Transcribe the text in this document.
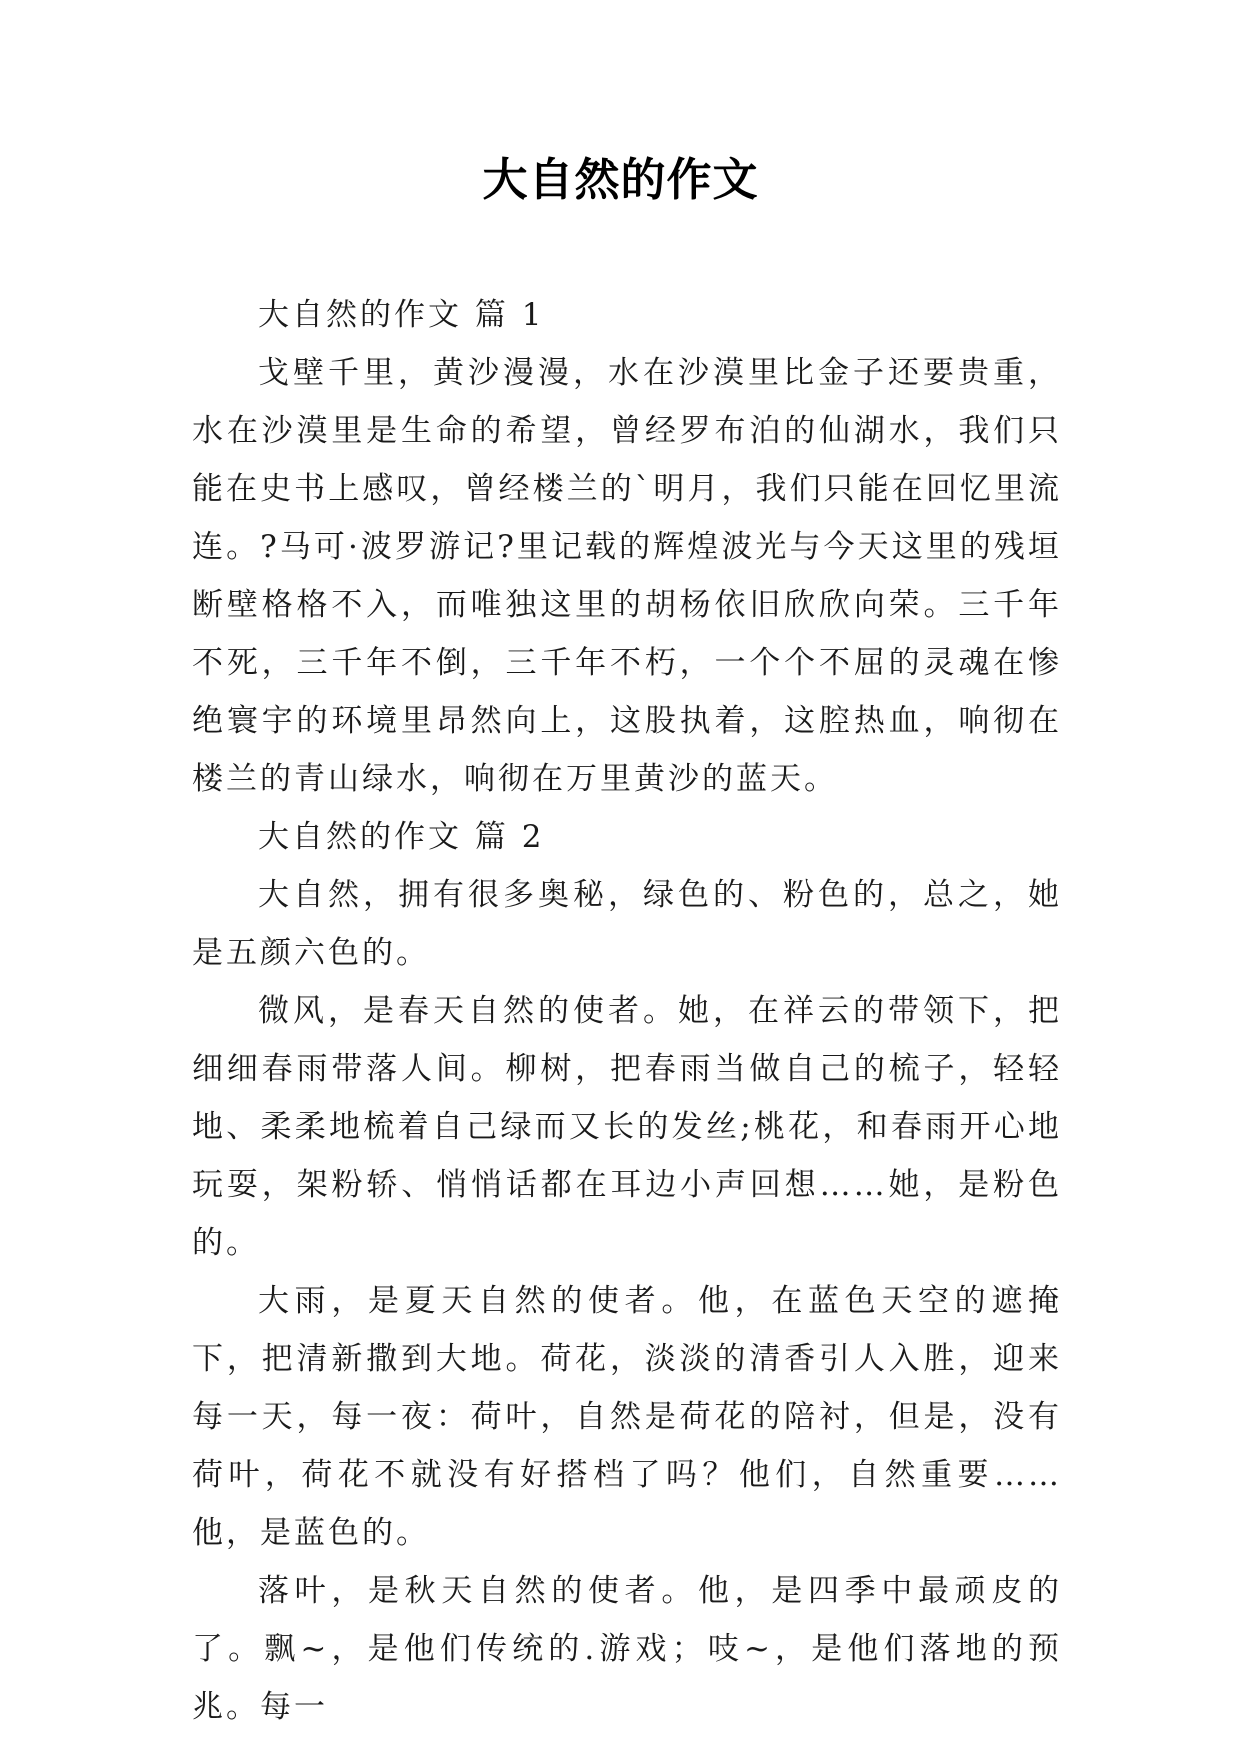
大自然的作文

大自然的作文 篇 1

戈壁千里，黄沙漫漫，水在沙漠里比金子还要贵重，水在沙漠里是生命的希望，曾经罗布泊的仙湖水，我们只能在史书上感叹，曾经楼兰的`明月，我们只能在回忆里流连。?马可·波罗游记?里记载的辉煌波光与今天这里的残垣断壁格格不入，而唯独这里的胡杨依旧欣欣向荣。三千年不死，三千年不倒，三千年不朽，一个个不屈的灵魂在惨绝寰宇的环境里昂然向上，这股执着，这腔热血，响彻在楼兰的青山绿水，响彻在万里黄沙的蓝天。

大自然的作文 篇 2

大自然，拥有很多奥秘，绿色的、粉色的，总之，她是五颜六色的。

微风，是春天自然的使者。她，在祥云的带领下，把细细春雨带落人间。柳树，把春雨当做自己的梳子，轻轻地、柔柔地梳着自己绿而又长的发丝;桃花，和春雨开心地玩耍，架粉轿、悄悄话都在耳边小声回想……她，是粉色的。

大雨，是夏天自然的使者。他，在蓝色天空的遮掩下，把清新撒到大地。荷花，淡淡的清香引人入胜，迎来每一天，每一夜：荷叶，自然是荷花的陪衬，但是，没有荷叶，荷花不就没有好搭档了吗？他们，自然重要……他，是蓝色的。

落叶，是秋天自然的使者。他，是四季中最顽皮的了。飘~，是他们传统的.游戏；吱~，是他们落地的预兆。每一
